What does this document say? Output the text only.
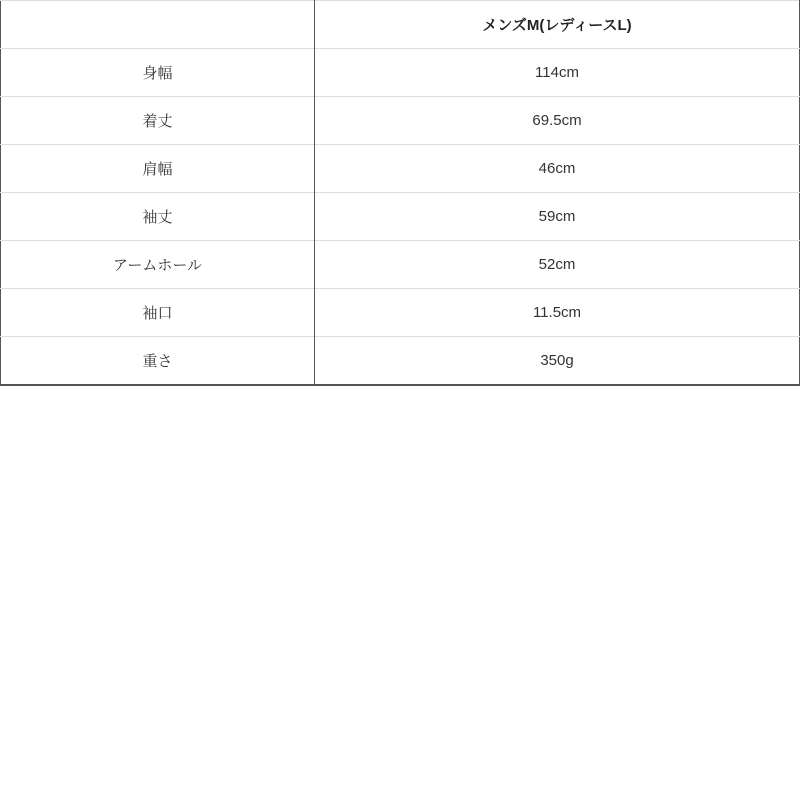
	メンズM(レディースL)
身幅	114cm
着丈	69.5cm
肩幅	46cm
袖丈	59cm
アームホール	52cm
袖口	11.5cm
重さ	350g
